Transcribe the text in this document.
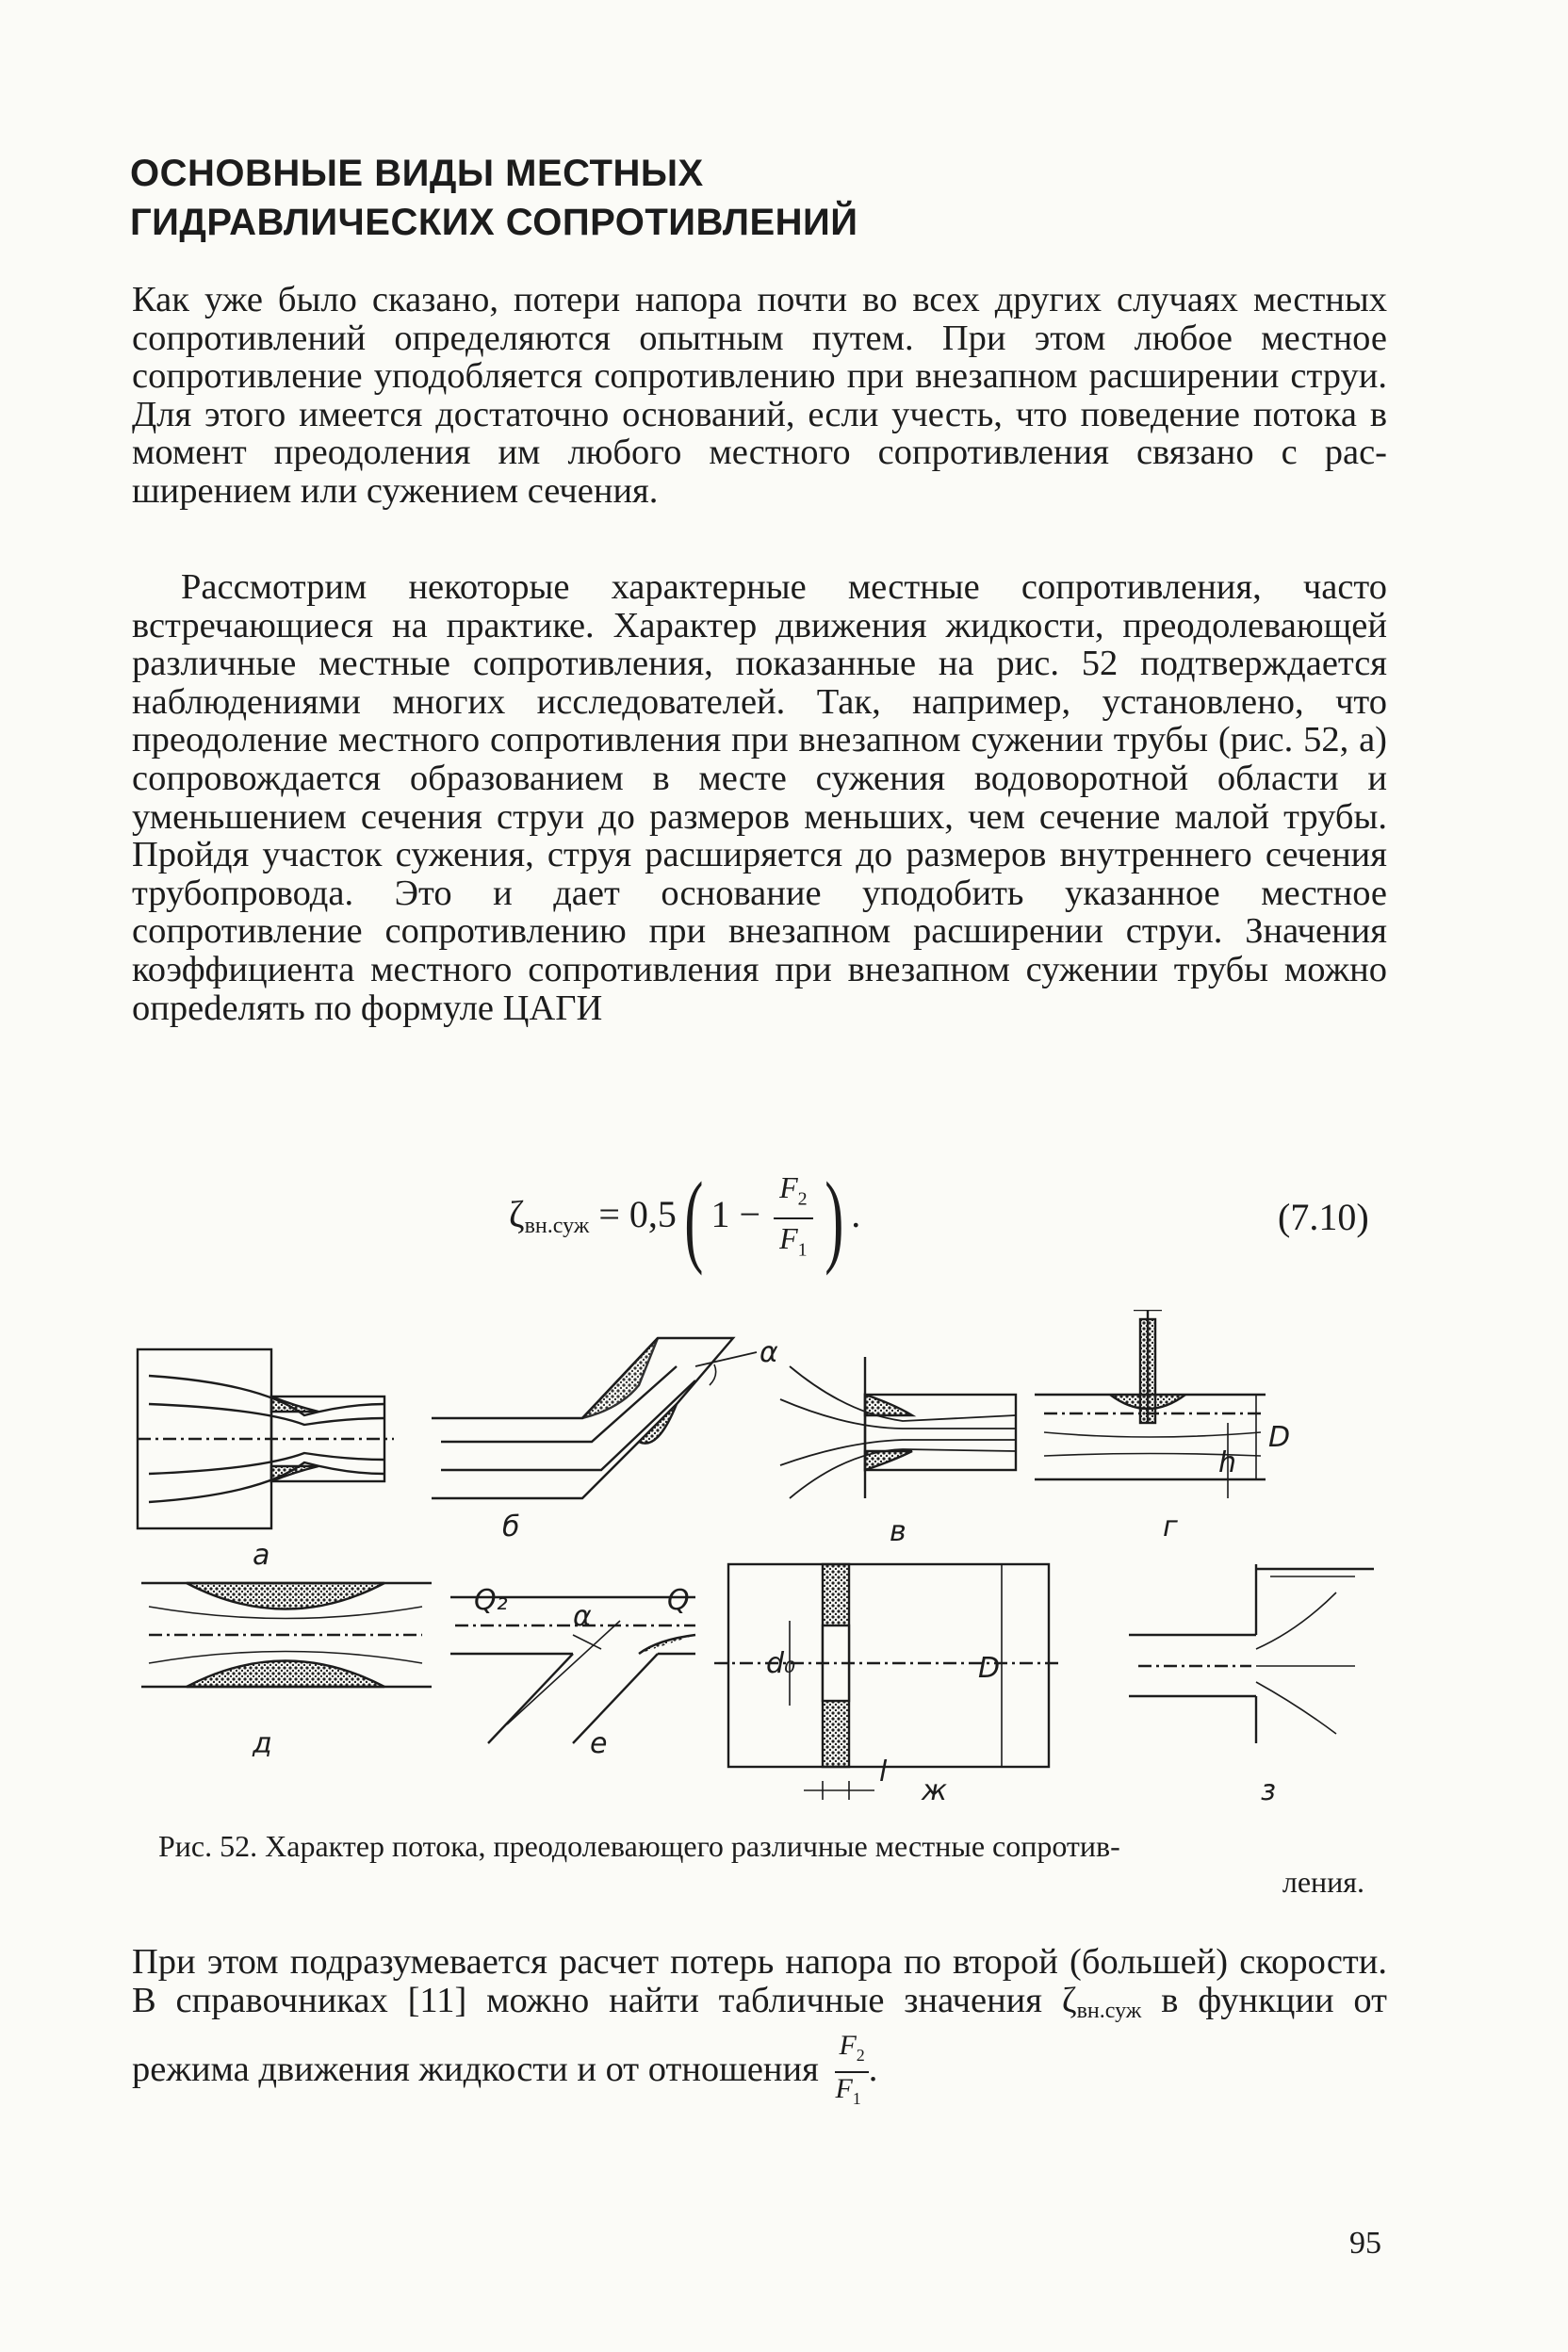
ОСНОВНЫЕ ВИДЫ МЕСТНЫХ
ГИДРАВЛИЧЕСКИХ СОПРОТИВЛЕНИЙ
Как уже было сказано, потери напора почти во всех других случаях местных сопротивлений определяются опытным путем. При этом любое местное сопротивление уподобляется сопротивлению при внезапном расширении струи. Для этого имеется достаточно оснований, если учесть, что поведение потока в момент преодоления им любого местного сопротивления связано с расширением или сужением сечения.
Рассмотрим некоторые характерные местные сопротивления, часто встречающиеся на практике. Характер движения жидкости, преодолевающей различные местные сопротивления, показанные на рис. 52 подтверждается наблюдениями многих исследователей. Так, например, установлено, что преодоление местного сопротивления при внезапном сужении трубы (рис. 52, а) сопровождается образованием в месте сужения водоворотной области и уменьшением сечения струи до размеров меньших, чем сечение малой трубы. Пройдя участок сужения, струя расширяется до размеров внутреннего сечения трубопровода. Это и дает основание уподобить указанное местное сопротивление сопротивлению при внезапном расширении струи. Значения коэффициента местного сопротивления при внезапном сужении трубы можно опреdелять по формуле ЦАГИ
ζвн.суж = 0,5 ( $1 - \frac{F_2}{F_1}$ ) .	(7.10)
а
б	в	г
д	е
ж	з
D
h
α
α
Q₂	Q
d₀	D
l
Рис. 52. Характер потока, преодолевающего различные местные сопротив-
ления.
При этом подразумевается расчет потерь напора по второй (большей) скорости. В справочниках [11] можно найти табличные значения ζвн.суж в функции от режима движения жидкости и от отношения $\frac{F_2}{F_1}$ .
95
